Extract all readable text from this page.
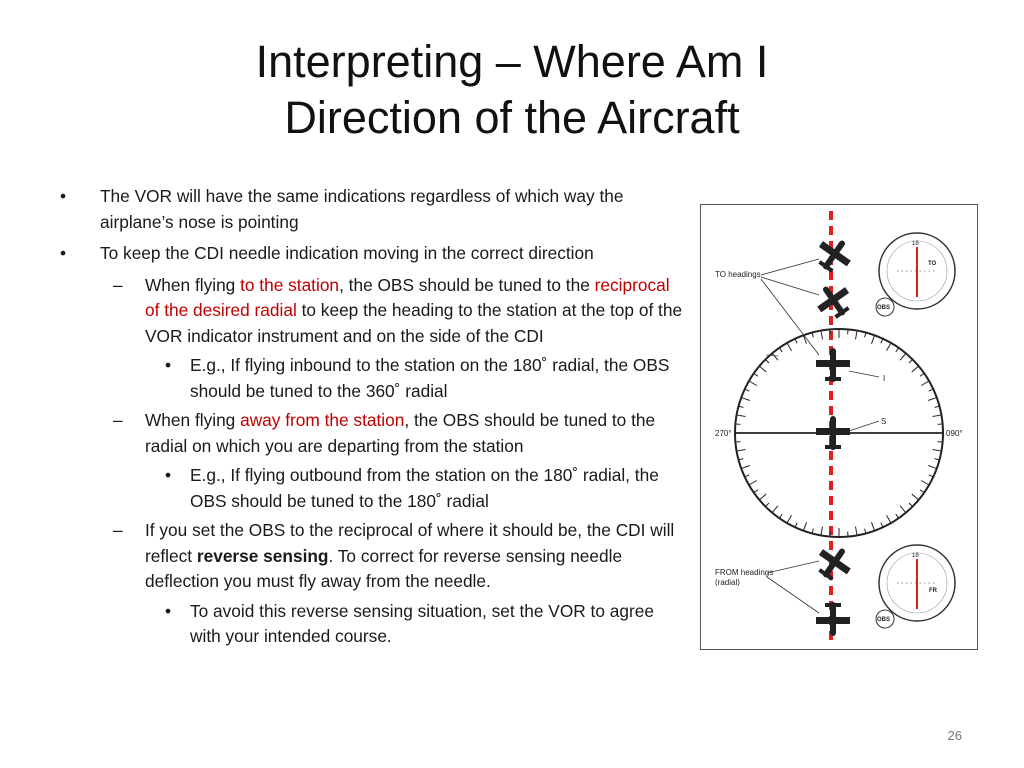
Interpreting – Where Am I
Direction of the Aircraft
• The VOR will have the same indications regardless of which way the airplane’s nose is pointing
• To keep the CDI needle indication moving in the correct direction
– When flying to the station, the OBS should be tuned to the reciprocal of the desired radial to keep the heading to the station at the top of the VOR indicator instrument and on the side of the CDI
• E.g., If flying inbound to the station on the 180˚ radial, the OBS should be tuned to the 360˚ radial
– When flying away from the station, the OBS should be tuned to the radial on which you are departing from the station
• E.g., If flying outbound from the station on the 180˚ radial, the OBS should be tuned to the 180˚ radial
– If you set the OBS to the reciprocal of where it should be, the CDI will reflect reverse sensing. To correct for reverse sensing needle deflection you must fly away from the needle.
• To avoid this reverse sensing situation, set the VOR to agree with your intended course.
270°	090°
I
S
TO headings
FROM headings
(radial)
18
TO
OBS
18
FR
OBS
26
